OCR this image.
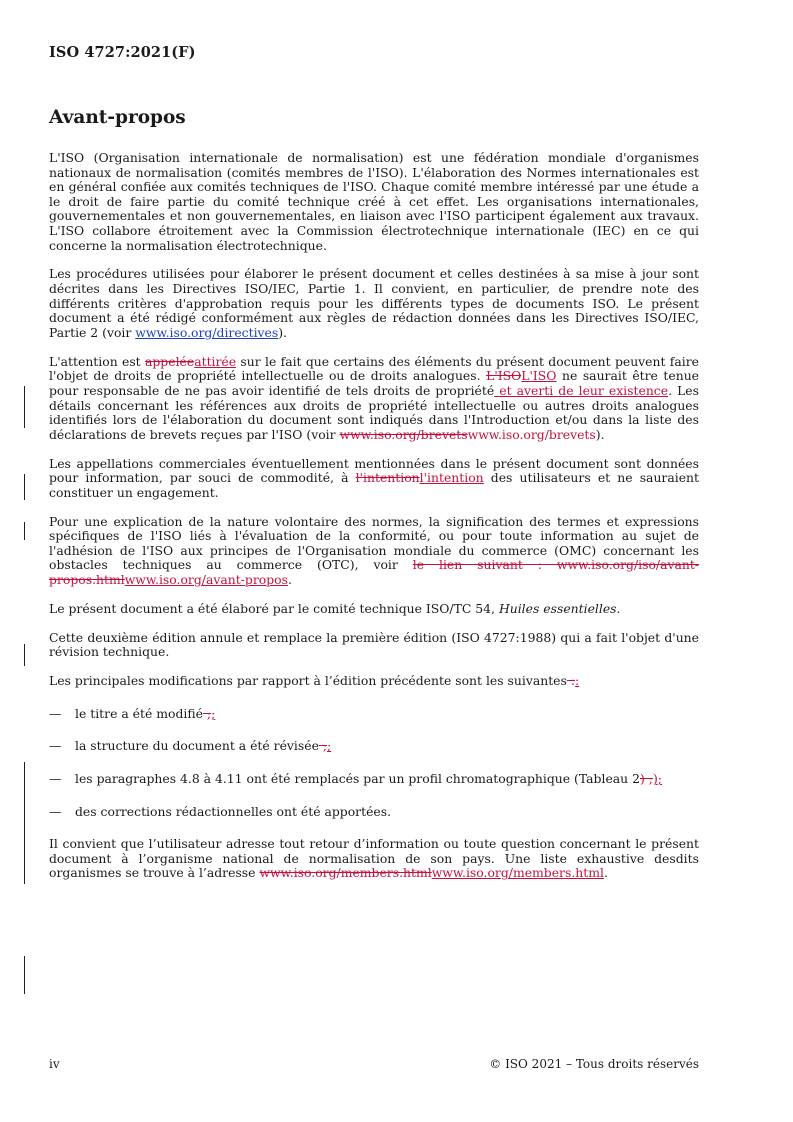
ISO 4727:2021(F)
Avant-propos

L'ISO (Organisation internationale de normalisation) est une fédération mondiale d'organismes nationaux de normalisation (comités membres de l'ISO). L'élaboration des Normes internationales est en général confiée aux comités techniques de l'ISO. Chaque comité membre intéressé par une étude a le droit de faire partie du comité technique créé à cet effet. Les organisations internationales, gouvernementales et non gouvernementales, en liaison avec l'ISO participent également aux travaux. L'ISO collabore étroitement avec la Commission électrotechnique internationale (IEC) en ce qui concerne la normalisation électrotechnique.

Les procédures utilisées pour élaborer le présent document et celles destinées à sa mise à jour sont décrites dans les Directives ISO/IEC, Partie 1. Il convient, en particulier, de prendre note des différents critères d'approbation requis pour les différents types de documents ISO. Le présent document a été rédigé conformément aux règles de rédaction données dans les Directives ISO/IEC, Partie 2 (voir www.iso.org/directives).

L'attention est appeléeattirée sur le fait que certains des éléments du présent document peuvent faire l'objet de droits de propriété intellectuelle ou de droits analogues. L'ISOL'ISO ne saurait être tenue pour responsable de ne pas avoir identifié de tels droits de propriété et averti de leur existence. Les détails concernant les références aux droits de propriété intellectuelle ou autres droits analogues identifiés lors de l'élaboration du document sont indiqués dans l'Introduction et/ou dans la liste des déclarations de brevets reçues par l'ISO (voir www.iso.org/brevetswww.iso.org/brevets).

Les appellations commerciales éventuellement mentionnées dans le présent document sont données pour information, par souci de commodité, à l'intentionl'intention des utilisateurs et ne sauraient constituer un engagement.

Pour une explication de la nature volontaire des normes, la signification des termes et expressions spécifiques de l'ISO liés à l'évaluation de la conformité, ou pour toute information au sujet de l'adhésion de l'ISO aux principes de l'Organisation mondiale du commerce (OMC) concernant les obstacles techniques au commerce (OTC), voir le lien suivant : www.iso.org/iso/avant-propos.htmlwww.iso.org/avant-propos.

Le présent document a été élaboré par le comité technique ISO/TC 54, Huiles essentielles.

Cette deuxième édition annule et remplace la première édition (ISO 4727:1988) qui a fait l'objet d'une révision technique.

Les principales modifications par rapport à l’édition précédente sont les suivantes ::

— le titre a été modifié ;;

— la structure du document a été révisée ;;

— les paragraphes 4.8 à 4.11 ont été remplacés par un profil chromatographique (Tableau 2) ;);

— des corrections rédactionnelles ont été apportées.

Il convient que l’utilisateur adresse tout retour d’information ou toute question concernant le présent document à l’organisme national de normalisation de son pays. Une liste exhaustive desdits organismes se trouve à l’adresse www.iso.org/members.htmlwww.iso.org/members.html.

iv	© ISO 2021 – Tous droits réservés
